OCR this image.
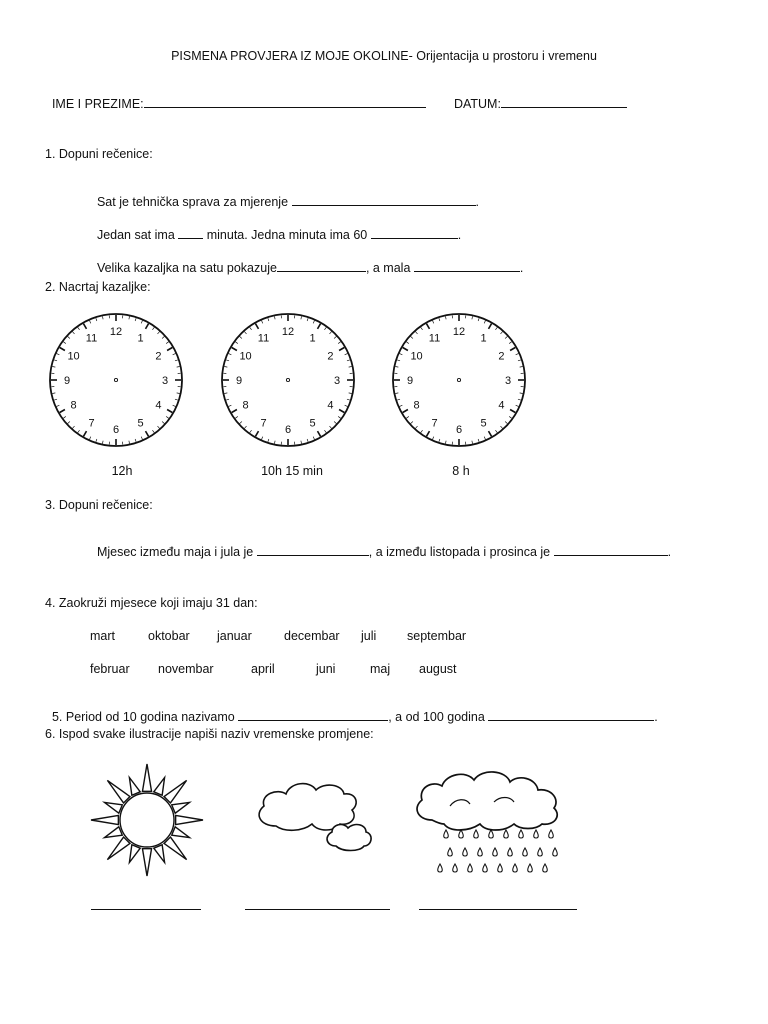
PISMENA PROVJERA IZ MOJE OKOLINE- Orijentacija u prostoru i vremenu

IME I PREZIME:	DATUM:

1. Dopuni rečenice:

Sat je tehnička sprava za mjerenje	.

Jedan sat ima  minuta. Jedna minuta ima 60	.

Velika kazaljka na satu pokazuje	, a mala	.

2. Nacrtaj kazaljke:
12
1
2
3
4
5
6
7
8
9
10
11
12
1
2
3
4
5
6
7
8
9
10
11
12
1
2
3
4
5
6
7
8
9
10
11
12h	10h 15 min	8 h
3. Dopuni rečenice:

Mjesec između maja i jula je	, a između listopada i prosinca je	.

4. Zaokruži mjesece koji imaju 31 dan:
mart	oktobar januar	decembar juli septembar
februar novembar	april	juni	maj august

5. Period od 10 godina nazivamo	, a od 100 godina	.

6. Ispod svake ilustracije napiši naziv vremenske promjene:
